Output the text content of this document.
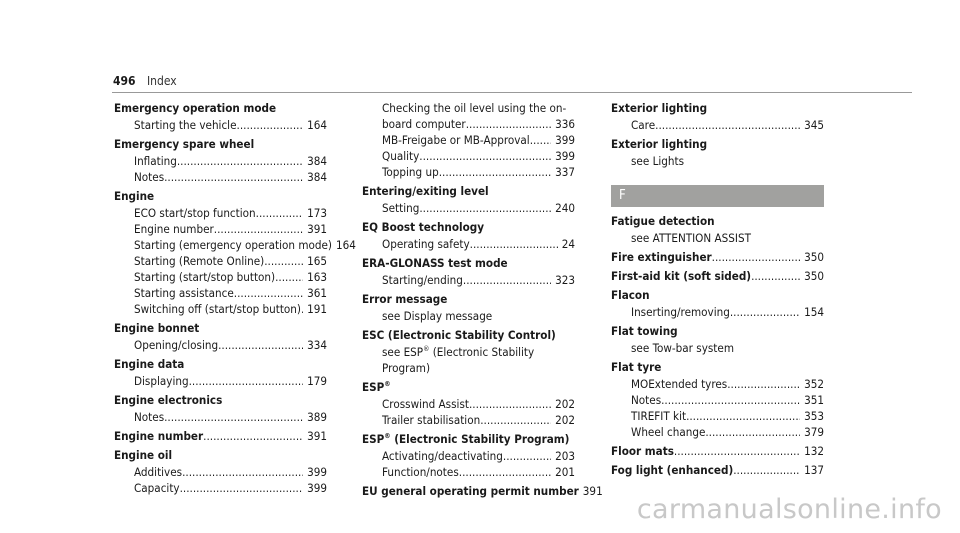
496 Index
Emergency operation mode
Starting the vehicle .....	164
Emergency spare wheel
Inflating .....	384
Notes .....	384
Engine
ECO start/stop function .....	173
Engine number .....	391
Starting (emergency operation mode) 164
Starting (Remote Online) .....	165
Starting (start/stop button) .....	163
Starting assistance .....	361
Switching off (start/stop button) ..... 191
Engine bonnet
Opening/closing .....	334
Engine data
Displaying .....	179
Engine electronics
Notes .....	389
Engine number .....	391
Engine oil
Additives .....	399
Capacity .....	399
Checking the oil level using the on-
board computer .....	336
MB-Freigabe or MB-Approval .....	399
Quality .....	399
Topping up .....	337
Entering/exiting level
Setting .....	240
EQ Boost technology
Operating safety .....	24
ERA-GLONASS test mode
Starting/ending .....	323
Error message
see Display message
ESC (Electronic Stability Control)
see ESP® (Electronic Stability Program)
ESP®
Crosswind Assist .....	202
Trailer stabilisation .....	202
ESP® (Electronic Stability Program)
Activating/deactivating .....	203
Function/notes .....	201
EU general operating permit number 391
Exterior lighting
Care .....	345
Exterior lighting
see Lights
F
Fatigue detection
see ATTENTION ASSIST
Fire extinguisher .....	350
First-aid kit (soft sided) .....	350
Flacon
Inserting/removing .....	154
Flat towing
see Tow-bar system
Flat tyre
MOExtended tyres .....	352
Notes .....	351
TIREFIT kit .....	353
Wheel change .....	379
Floor mats .....	132
Fog light (enhanced) .....	137
carmanualsonline.info
